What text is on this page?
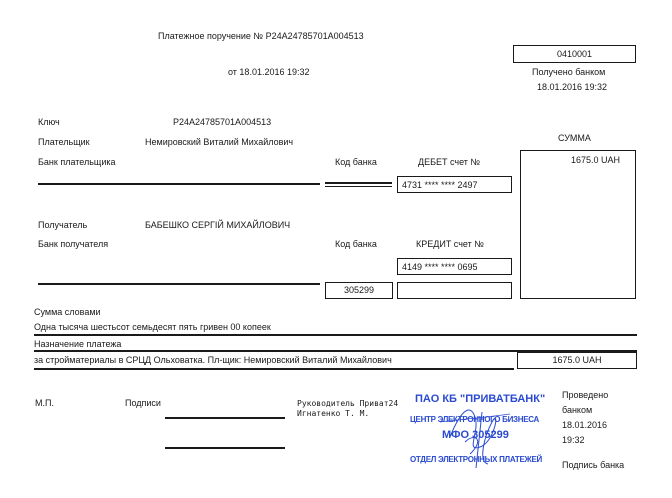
Платежное поручение № P24A24785701A004513
0410001
от 18.01.2016 19:32	Получено банком
18.01.2016 19:32
Ключ	P24A24785701A004513
Плательщик	Немировский Виталий Михайлович	СУММА
Банк плательщика	Код банка	ДЕБЕТ счет №	1675.0 UAH
4731 **** **** 2497
Получатель	БАБЕШКО СЕРГІЙ МИХАЙЛОВИЧ
Банк получателя	Код банка	КРЕДИТ счет №
4149 **** **** 0695
305299
Сумма словами
Одна тысяча шестьсот семьдесят пять гривен 00 копеек
Назначение платежа
за стройматериалы в СРЦД Ольховатка. Пл-щик: Немировский Виталий Михайлович	1675.0 UAH
М.П.	Подписи	Руководитель Приват24
Игнатенко Т. М.
ПАО КБ "ПРИВАТБАНК"
ЦЕНТР ЭЛЕКТРОННОГО БИЗНЕСА
МФО 305299
ОТДЕЛ ЭЛЕКТРОННЫХ ПЛАТЕЖЕЙ
Проведено
банком
18.01.2016
19:32
Подпись банка
